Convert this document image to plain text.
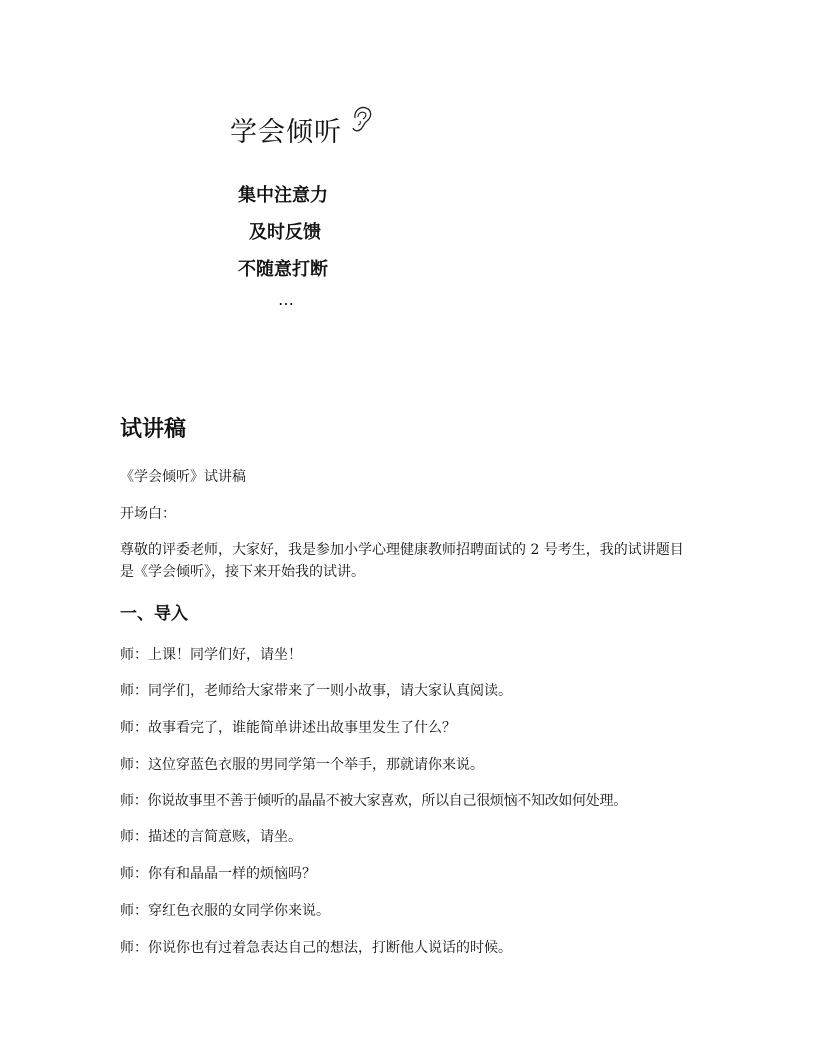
学会倾听
集中注意力
及时反馈
不随意打断
…
试讲稿
《学会倾听》试讲稿
开场白：
尊敬的评委老师，大家好，我是参加小学心理健康教师招聘面试的 2 号考生，我的试讲题目是《学会倾听》，接下来开始我的试讲。
一、导入
师：上课！同学们好，请坐！
师：同学们，老师给大家带来了一则小故事，请大家认真阅读。
师：故事看完了，谁能简单讲述出故事里发生了什么？
师：这位穿蓝色衣服的男同学第一个举手，那就请你来说。
师：你说故事里不善于倾听的晶晶不被大家喜欢，所以自己很烦恼不知改如何处理。
师：描述的言简意赅，请坐。
师：你有和晶晶一样的烦恼吗？
师：穿红色衣服的女同学你来说。
师：你说你也有过着急表达自己的想法，打断他人说话的时候。
